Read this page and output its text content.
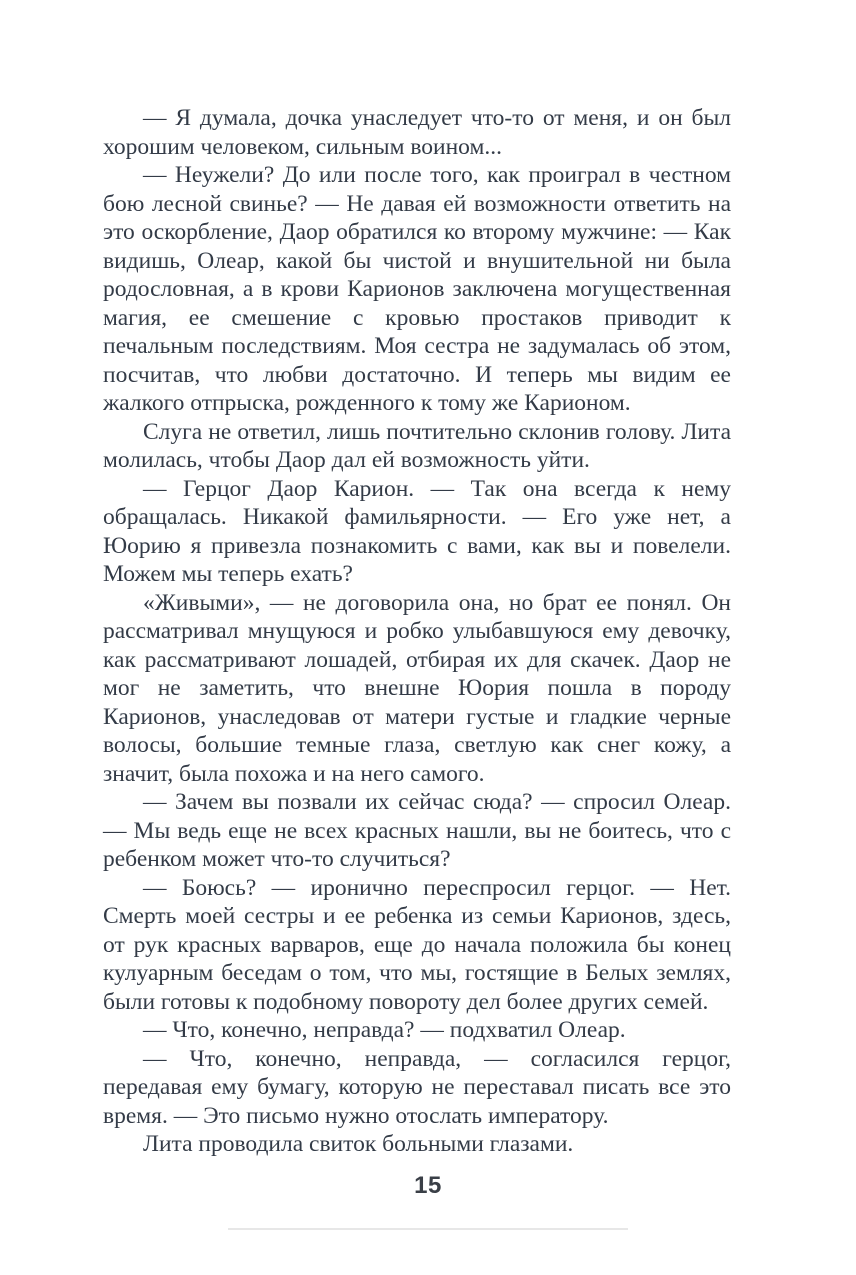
— Я думала, дочка унаследует что-то от меня, и он был хорошим человеком, сильным воином...

— Неужели? До или после того, как проиграл в честном бою лесной свинье? — Не давая ей возможности ответить на это оскорбление, Даор обратился ко второму мужчине: — Как видишь, Олеар, какой бы чистой и внушительной ни была родословная, а в крови Карионов заключена могущественная магия, ее смешение с кровью простаков приводит к печальным последствиям. Моя сестра не задумалась об этом, посчитав, что любви достаточно. И теперь мы видим ее жалкого отпрыска, рожденного к тому же Карионом.

Слуга не ответил, лишь почтительно склонив голову. Лита молилась, чтобы Даор дал ей возможность уйти.

— Герцог Даор Карион. — Так она всегда к нему обращалась. Никакой фамильярности. — Его уже нет, а Юорию я привезла познакомить с вами, как вы и повелели. Можем мы теперь ехать?

«Живыми», — не договорила она, но брат ее понял. Он рассматривал мнущуюся и робко улыбавшуюся ему девочку, как рассматривают лошадей, отбирая их для скачек. Даор не мог не заметить, что внешне Юория пошла в породу Карионов, унаследовав от матери густые и гладкие черные волосы, большие темные глаза, светлую как снег кожу, а значит, была похожа и на него самого.

— Зачем вы позвали их сейчас сюда? — спросил Олеар. — Мы ведь еще не всех красных нашли, вы не боитесь, что с ребенком может что-то случиться?

— Боюсь? — иронично переспросил герцог. — Нет. Смерть моей сестры и ее ребенка из семьи Карионов, здесь, от рук красных варваров, еще до начала положила бы конец кулуарным беседам о том, что мы, гостящие в Белых землях, были готовы к подобному повороту дел более других семей.

— Что, конечно, неправда? — подхватил Олеар.

— Что, конечно, неправда, — согласился герцог, передавая ему бумагу, которую не переставал писать все это время. — Это письмо нужно отослать императору.

Лита проводила свиток больными глазами.

15
